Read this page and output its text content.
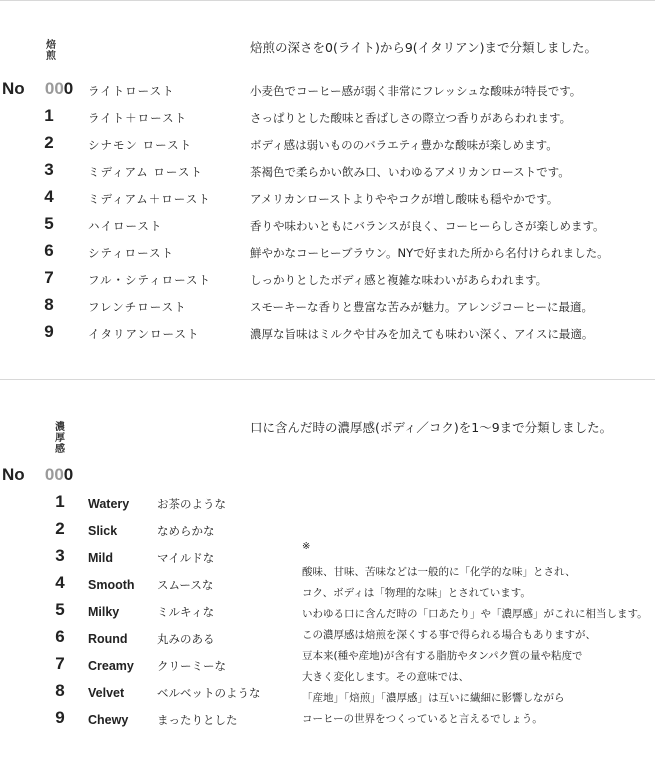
焙煎
焙煎の深さを0(ライト)から9(イタリアン)まで分類しました。
No 000 ライトロースト	小麦色でコーヒー感が弱く非常にフレッシュな酸味が特長です。
1	ライト＋ロースト	さっぱりとした酸味と香ばしさの際立つ香りがあらわれます。
2	シナモン ロースト	ボディ感は弱いもののバラエティ豊かな酸味が楽しめます。
3	ミディアム ロースト	茶褐色で柔らかい飲み口、いわゆるアメリカンローストです。
4	ミディアム＋ロースト	アメリカンローストよりややコクが増し酸味も穏やかです。
5	ハイロースト	香りや味わいともにバランスが良く、コーヒーらしさが楽しめます。
6	シティロースト	鮮やかなコーヒーブラウン。NYで好まれた所から名付けられました。
7	フル・シティロースト	しっかりとしたボディ感と複雑な味わいがあらわれます。
8	フレンチロースト	スモーキーな香りと豊富な苦みが魅力。アレンジコーヒーに最適。
9	イタリアンロースト	濃厚な旨味はミルクや甘みを加えても味わい深く、アイスに最適。
濃厚感
口に含んだ時の濃厚感(ボディ／コク)を1〜9まで分類しました。
No 000
1	Watery お茶のような
2	Slick	なめらかな
3	Mild	マイルドな
4	Smooth スムースな
5	Milky	ミルキィな
6	Round	丸みのある
7	Creamy クリーミーな
8	Velvet	ベルベットのような
9	Chewy まったりとした
※
酸味、甘味、苦味などは一般的に「化学的な味」とされ、
コク、ボディは「物理的な味」とされています。
いわゆる口に含んだ時の「口あたり」や「濃厚感」がこれに相当します。
この濃厚感は焙煎を深くする事で得られる場合もありますが、
豆本来(種や産地)が含有する脂肪やタンパク質の量や粘度で
大きく変化します。その意味では、
「産地」「焙煎」「濃厚感」は互いに繊細に影響しながら
コーヒーの世界をつくっていると言えるでしょう。
